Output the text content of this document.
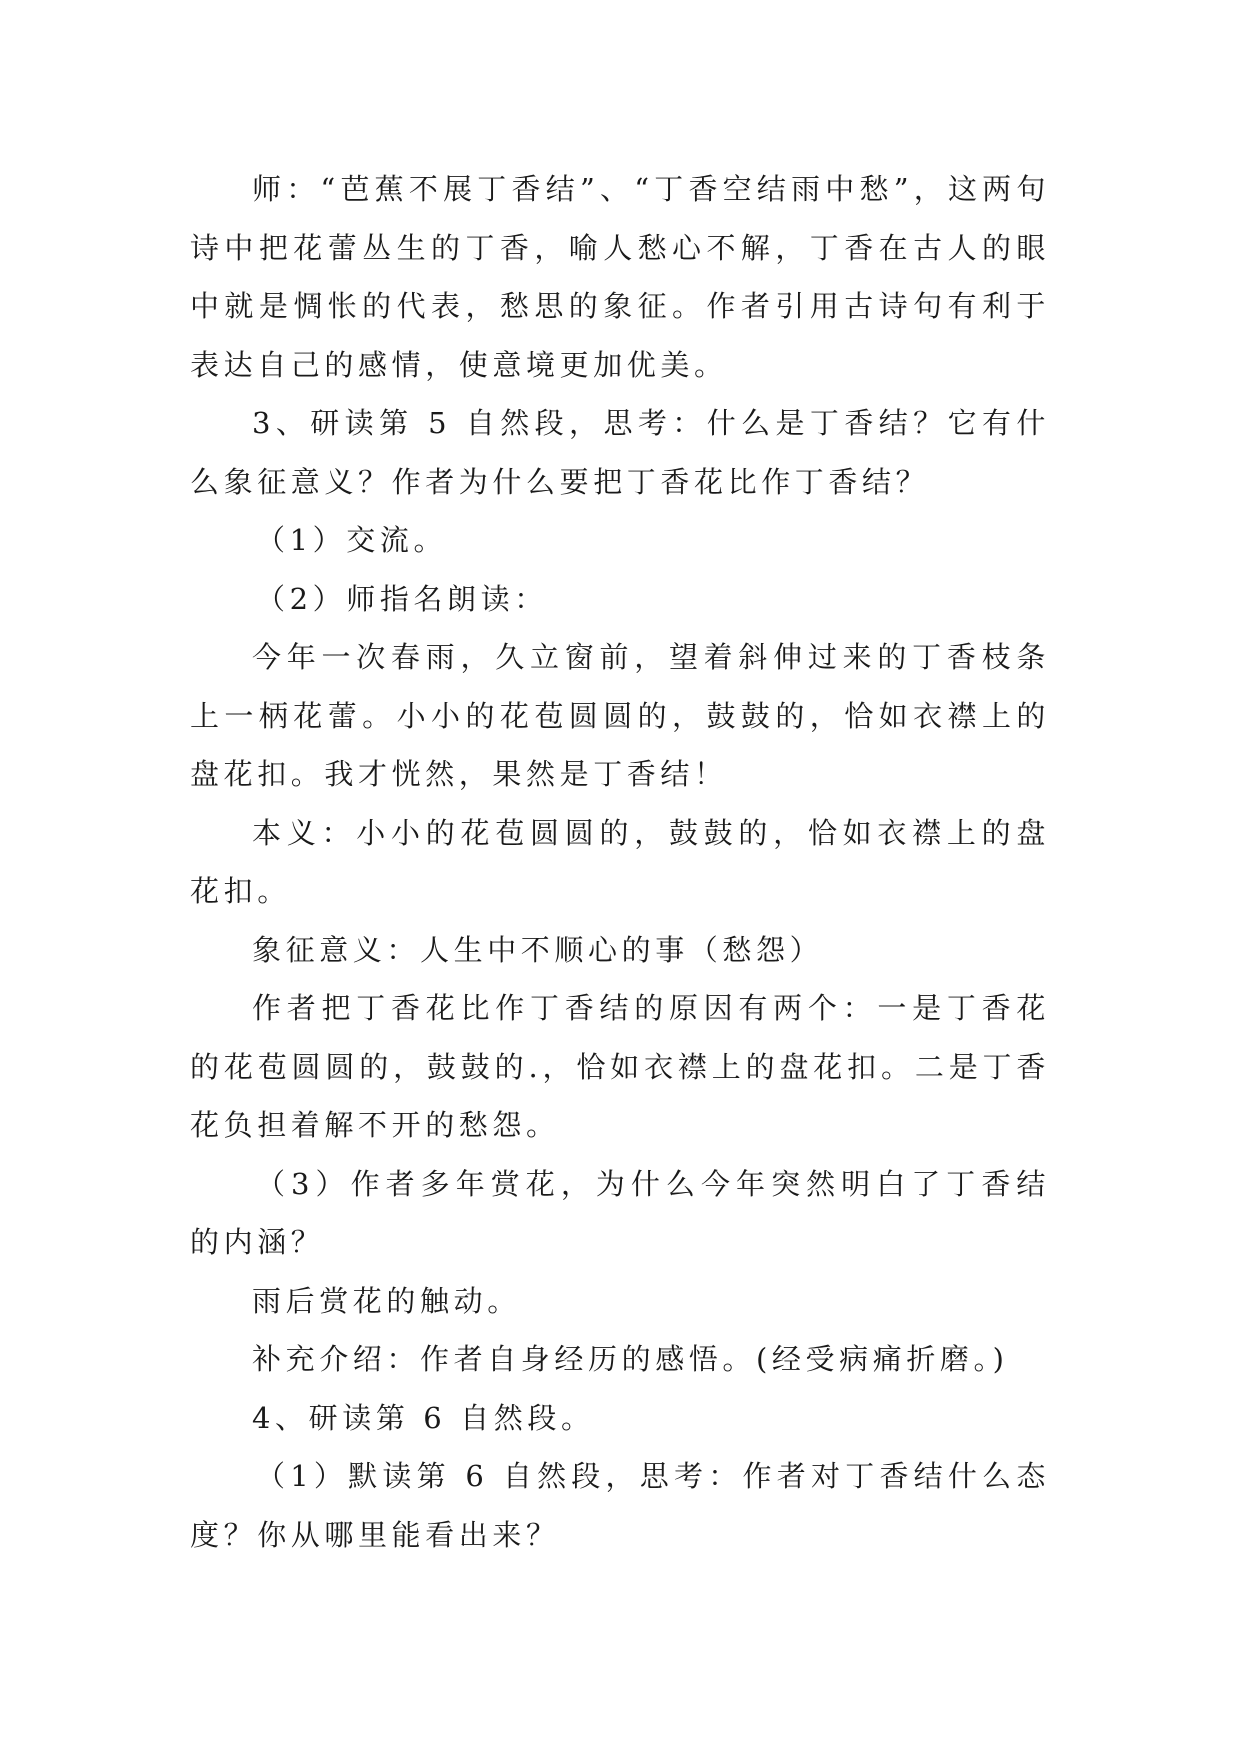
师：“芭蕉不展丁香结”、“丁香空结雨中愁”，这两句诗中把花蕾丛生的丁香，喻人愁心不解，丁香在古人的眼中就是惆怅的代表，愁思的象征。作者引用古诗句有利于表达自己的感情，使意境更加优美。

3、研读第 5 自然段，思考：什么是丁香结？它有什么象征意义？作者为什么要把丁香花比作丁香结？

（1）交流。

（2）师指名朗读：

今年一次春雨，久立窗前，望着斜伸过来的丁香枝条上一柄花蕾。小小的花苞圆圆的，鼓鼓的，恰如衣襟上的盘花扣。我才恍然，果然是丁香结！

本义：小小的花苞圆圆的，鼓鼓的，恰如衣襟上的盘花扣。

象征意义：人生中不顺心的事（愁怨）

作者把丁香花比作丁香结的原因有两个：一是丁香花的花苞圆圆的，鼓鼓的.，恰如衣襟上的盘花扣。二是丁香花负担着解不开的愁怨。

（3）作者多年赏花，为什么今年突然明白了丁香结的内涵？

雨后赏花的触动。

补充介绍：作者自身经历的感悟。(经受病痛折磨。)

4、研读第 6 自然段。

（1）默读第 6 自然段，思考：作者对丁香结什么态度？你从哪里能看出来？
